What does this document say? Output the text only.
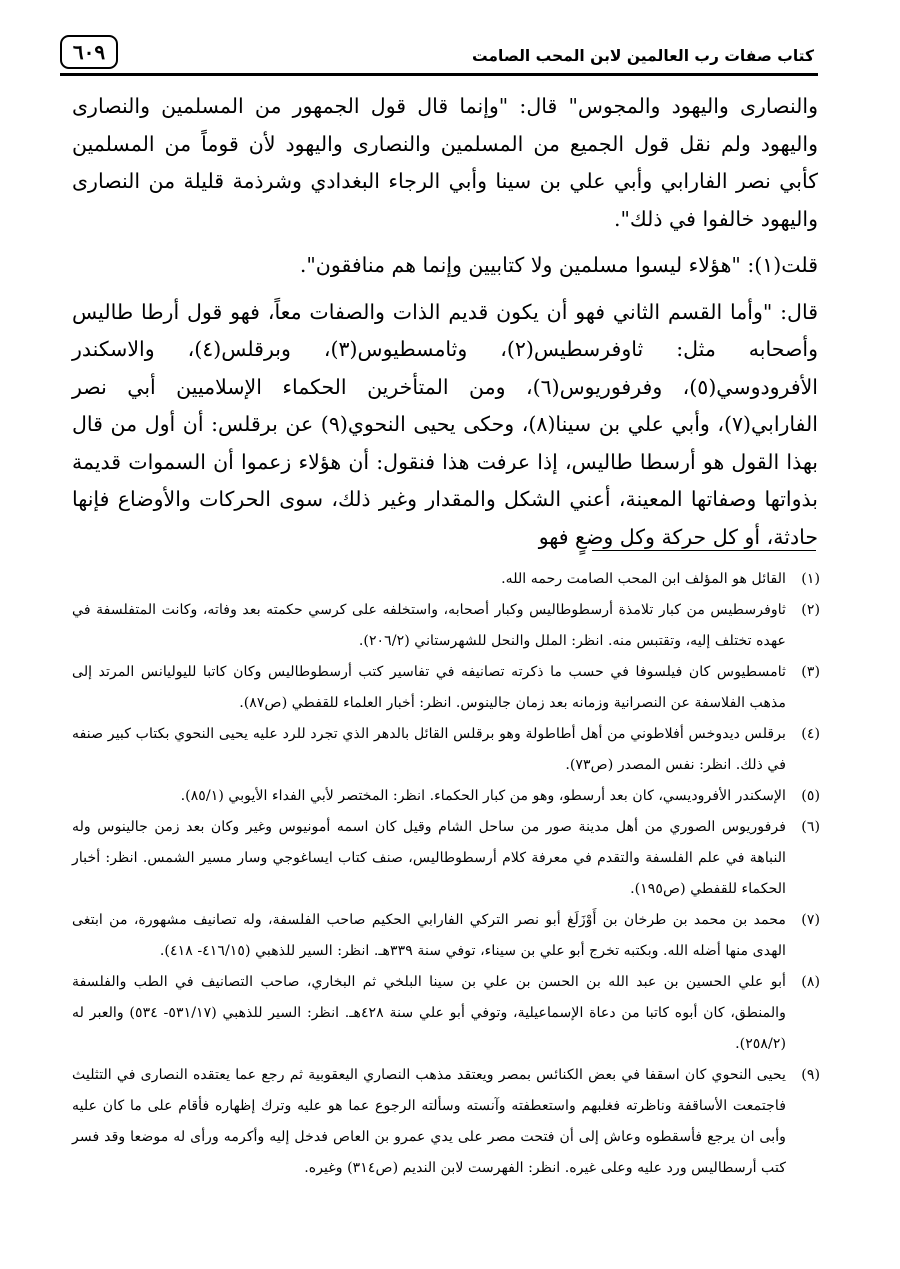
٦٠٩	كتاب صفات رب العالمين لابن المحب الصامت

والنصارى واليهود والمجوس" قال: "وإنما قال قول الجمهور من المسلمين والنصارى واليهود ولم نقل قول الجميع من المسلمين والنصارى واليهود لأن قوماً من المسلمين كأبي نصر الفارابي وأبي علي بن سينا وأبي الرجاء البغدادي وشرذمة قليلة من النصارى واليهود خالفوا في ذلك".

قلت(١): "هؤلاء ليسوا مسلمين ولا كتابيين وإنما هم منافقون".

قال: "وأما القسم الثاني فهو أن يكون قديم الذات والصفات معاً، فهو قول أرطا طاليس وأصحابه مثل: ثاوفرسطيس(٢)، وثامسطيوس(٣)، وبرقلس(٤)، والاسكندر الأفرودوسي(٥)، وفرفوريوس(٦)، ومن المتأخرين الحكماء الإسلاميين أبي نصر الفارابي(٧)، وأبي علي بن سينا(٨)، وحكى يحيى النحوي(٩) عن برقلس: أن أول من قال بهذا القول هو أرسطا طاليس، إذا عرفت هذا فنقول: أن هؤلاء زعموا أن السموات قديمة بذواتها وصفاتها المعينة، أعني الشكل والمقدار وغير ذلك، سوى الحركات والأوضاع فإنها حادثة، أو كل حركة وكل وضعٍ فهو

(١)
القائل هو المؤلف ابن المحب الصامت رحمه الله.
(٢)
ثاوفرسطيس من كبار تلامذة أرسطوطاليس وكبار أصحابه، واستخلفه على كرسي حكمته بعد وفاته، وكانت المتفلسفة في عهده تختلف إليه، وتقتبس منه. انظر: الملل والنحل للشهرستاني (٢٠٦/٢).
(٣)
ثامسطيوس كان فيلسوفا في حسب ما ذكرته تصانيفه في تفاسير كتب أرسطوطاليس وكان كاتبا لليوليانس المرتد إلى مذهب الفلاسفة عن النصرانية وزمانه بعد زمان جالينوس. انظر: أخبار العلماء للقفطي (ص٨٧).
(٤)
برقلس ديدوخس أفلاطوني من أهل أطاطولة وهو برقلس القائل بالدهر الذي تجرد للرد عليه يحيى النحوي بكتاب كبير صنفه في ذلك. انظر: نفس المصدر (ص٧٣).
(٥)
الإسكندر الأفروديسي، كان بعد أرسطو، وهو من كبار الحكماء. انظر: المختصر لأبي الفداء الأيوبي (٨٥/١).
(٦)
فرفوريوس الصوري من أهل مدينة صور من ساحل الشام وقيل كان اسمه أمونيوس وغير وكان بعد زمن جالينوس وله النباهة في علم الفلسفة والتقدم في معرفة كلام أرسطوطاليس، صنف كتاب ايساغوجي وسار مسير الشمس. انظر: أخبار الحكماء للقفطي (ص١٩٥).
(٧)
محمد بن محمد بن طرخان بن أَوْزَلَغ أبو نصر التركي الفارابي الحكيم صاحب الفلسفة، وله تصانيف مشهورة، من ابتغى الهدى منها أضله الله. وبكتبه تخرج أبو علي بن سيناء، توفي سنة ٣٣٩هـ. انظر: السير للذهبي (٤١٦/١٥- ٤١٨).
(٨)
أبو علي الحسين بن عبد الله بن الحسن بن علي بن سينا البلخي ثم البخاري، صاحب التصانيف في الطب والفلسفة والمنطق، كان أبوه كاتبا من دعاة الإسماعيلية، وتوفي أبو علي سنة ٤٢٨هـ. انظر: السير للذهبي (٥٣١/١٧- ٥٣٤) والعبر له (٢٥٨/٢).
(٩)
يحيى النحوي كان اسقفا في بعض الكنائس بمصر ويعتقد مذهب النصاري اليعقوبية ثم رجع عما يعتقده النصارى في التثليث فاجتمعت الأساقفة وناظرته فغلبهم واستعطفته وآنسته وسألته الرجوع عما هو عليه وترك إظهاره فأقام على ما كان عليه وأبى ان يرجع فأسقطوه وعاش إلى أن فتحت مصر على يدي عمرو بن العاص فدخل إليه وأكرمه ورأى له موضعا وقد فسر كتب أرسطاليس ورد عليه وعلى غيره. انظر: الفهرست لابن النديم (ص٣١٤) وغيره.
